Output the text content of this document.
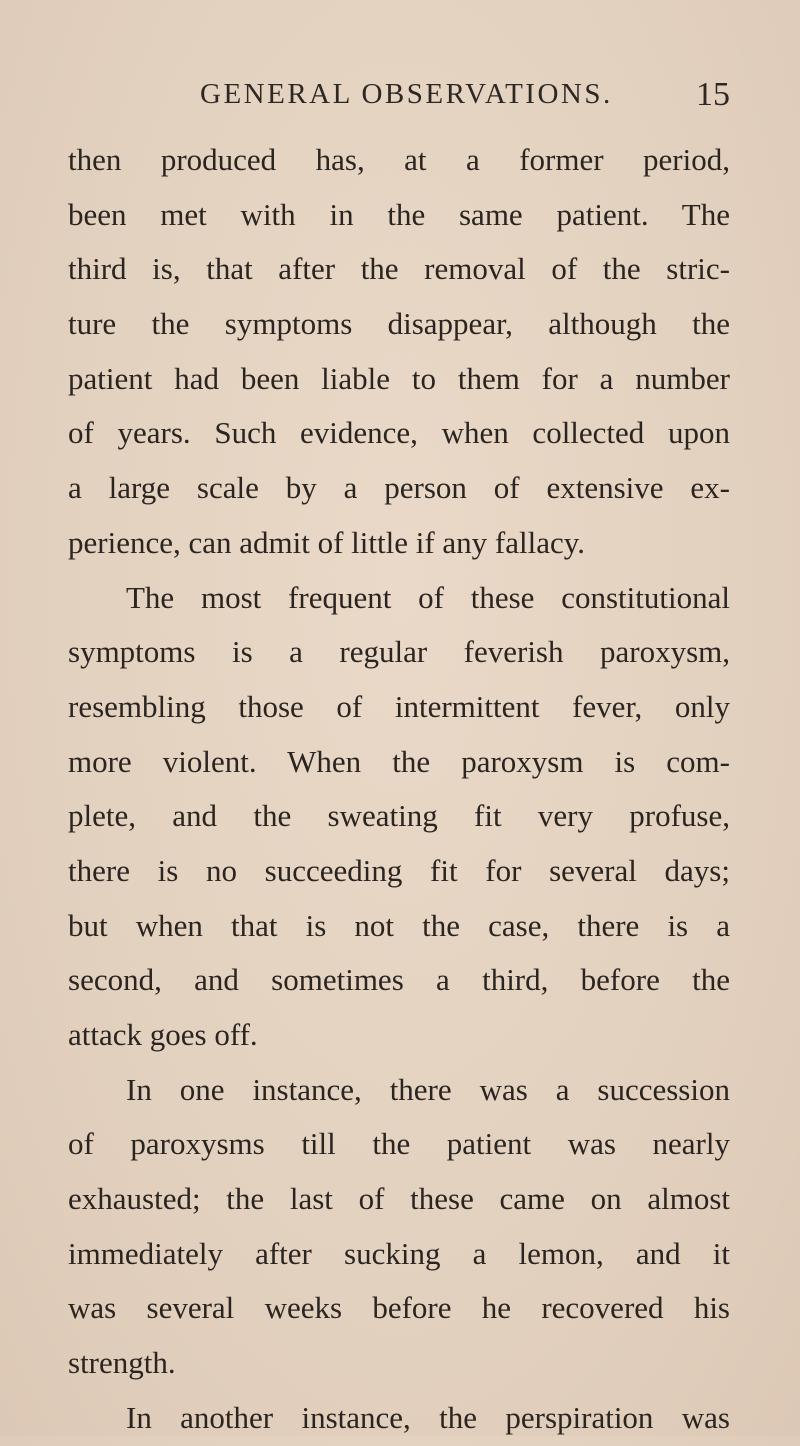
GENERAL OBSERVATIONS. 15
then produced has, at a former period,
been met with in the same patient. The
third is, that after the removal of the stric-
ture the symptoms disappear, although the
patient had been liable to them for a number
of years. Such evidence, when collected upon
a large scale by a person of extensive ex-
perience, can admit of little if any fallacy.
The most frequent of these constitutional
symptoms is a regular feverish paroxysm,
resembling those of intermittent fever, only
more violent. When the paroxysm is com-
plete, and the sweating fit very profuse,
there is no succeeding fit for several days;
but when that is not the case, there is a
second, and sometimes a third, before the
attack goes off.
In one instance, there was a succession
of paroxysms till the patient was nearly
exhausted; the last of these came on almost
immediately after sucking a lemon, and it
was several weeks before he recovered his
strength.
In another instance, the perspiration was
